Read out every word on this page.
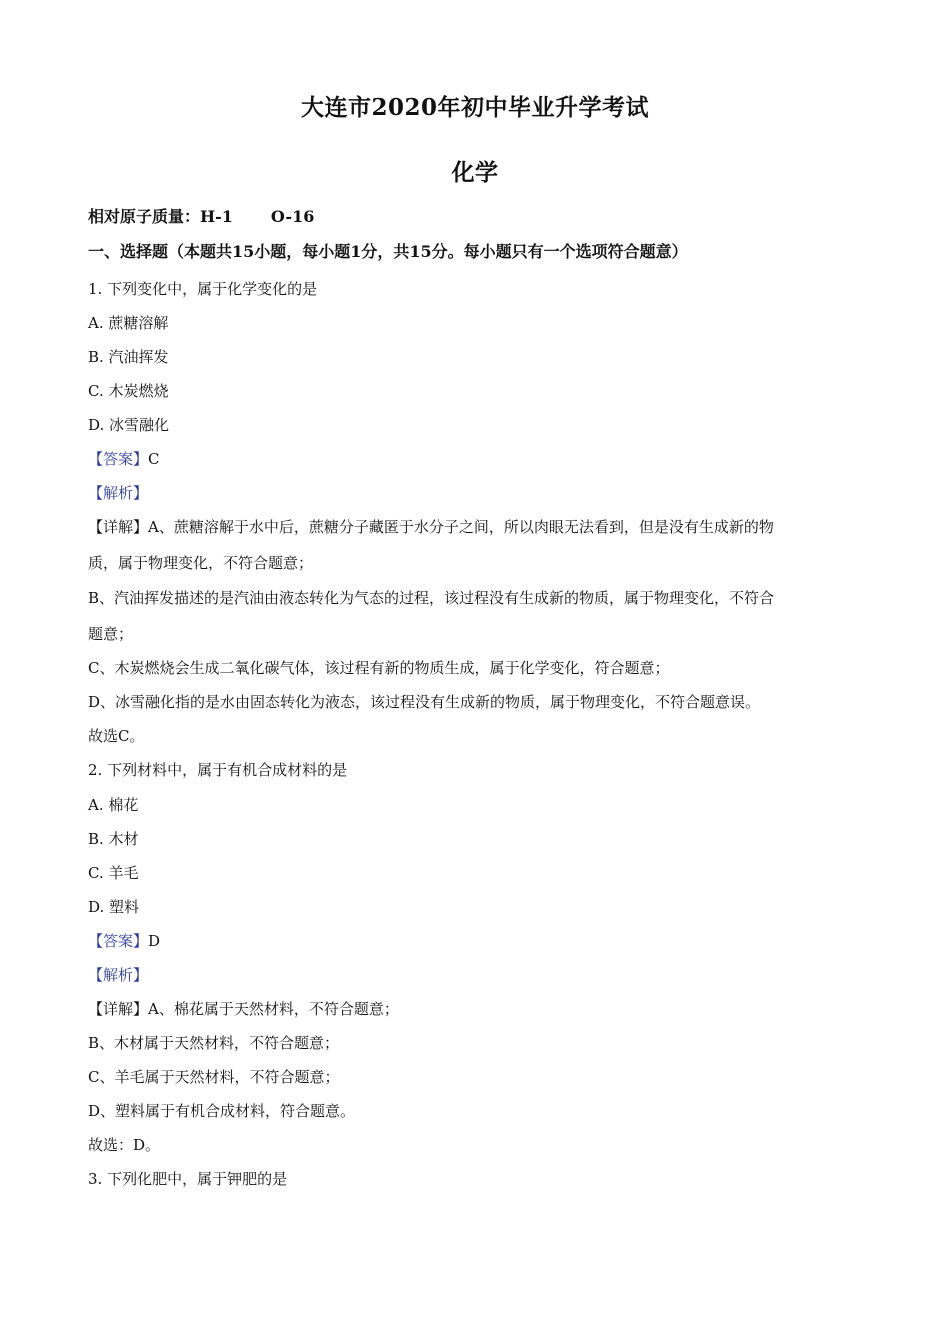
大连市2020年初中毕业升学考试
化学
相对原子质量：H-1 O-16
一、选择题（本题共15小题，每小题1分，共15分。每小题只有一个选项符合题意）
1. 下列变化中，属于化学变化的是
A. 蔗糖溶解
B. 汽油挥发
C. 木炭燃烧
D. 冰雪融化
【答案】C
【解析】
【详解】A、蔗糖溶解于水中后，蔗糖分子藏匿于水分子之间，所以肉眼无法看到，但是没有生成新的物
质，属于物理变化，不符合题意；
B、汽油挥发描述的是汽油由液态转化为气态的过程，该过程没有生成新的物质，属于物理变化，不符合
题意；
C、木炭燃烧会生成二氧化碳气体，该过程有新的物质生成，属于化学变化，符合题意；
D、冰雪融化指的是水由固态转化为液态，该过程没有生成新的物质，属于物理变化，不符合题意误。
故选C。
2. 下列材料中，属于有机合成材料的是
A. 棉花
B. 木材
C. 羊毛
D. 塑料
【答案】D
【解析】
【详解】A、棉花属于天然材料，不符合题意；
B、木材属于天然材料，不符合题意；
C、羊毛属于天然材料，不符合题意；
D、塑料属于有机合成材料，符合题意。
故选：D。
3. 下列化肥中，属于钾肥的是
